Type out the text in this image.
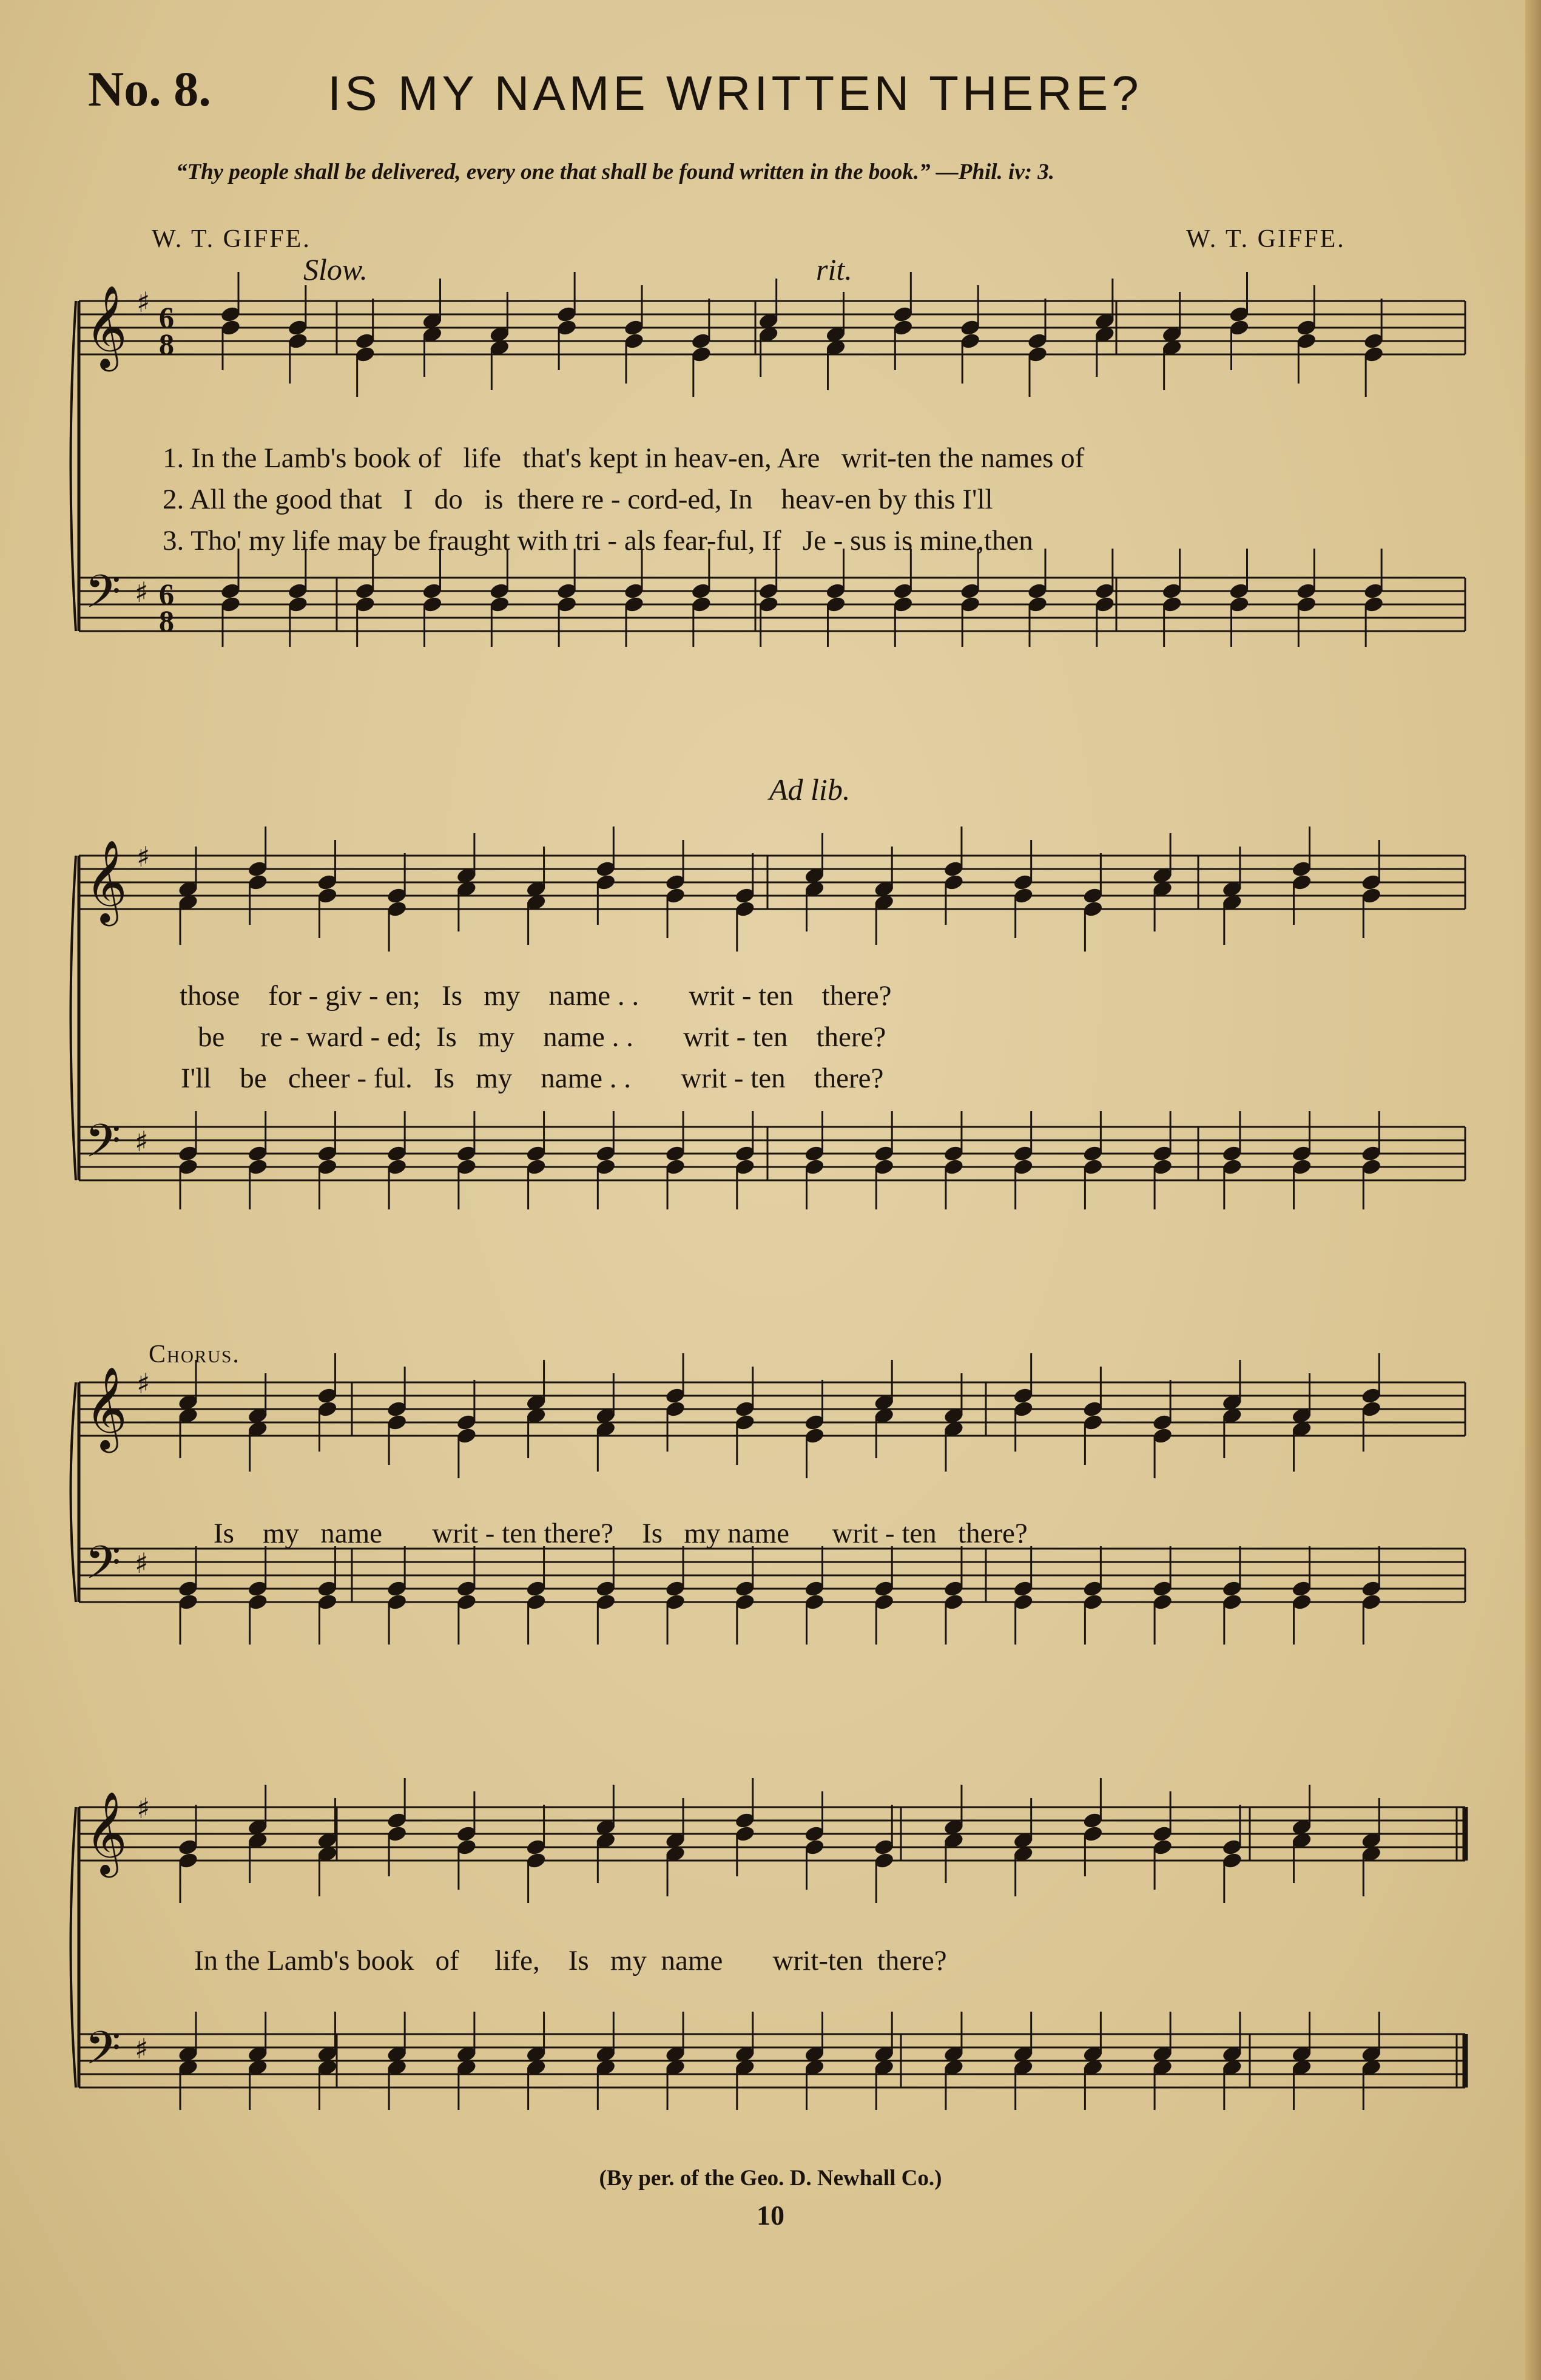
No. 8. IS MY NAME WRITTEN THERE?
“Thy people shall be delivered, every one that shall be found written in the book.” —Phil. iv: 3.
W. T. GIFFE.	W. T. GIFFE.
Slow.	rit.
Ad lib.
Chorus.
1. In the Lamb's book of life that's kept in heav-en, Are writ-ten the names of
2. All the good that I do is there re - cord-ed, In heav-en by this I'll
3. Tho' my life may be fraught with tri - als fear-ful, If Je - sus is mine,then
those for - giv - en; Is my name . . writ - ten there?
be re - ward - ed; Is my name . . writ - ten there?
I'll be cheer - ful. Is my name . . writ - ten there?
Is my name writ - ten there? Is my name writ - ten there?
In the Lamb's book of life, Is my name writ-ten there?
(By per. of the Geo. D. Newhall Co.)
10
𝄞
𝄢
♯
♯
6
8
6
8
𝄞
𝄢
♯
♯
𝄞
𝄢
♯
♯
𝄞
𝄢
♯
♯
